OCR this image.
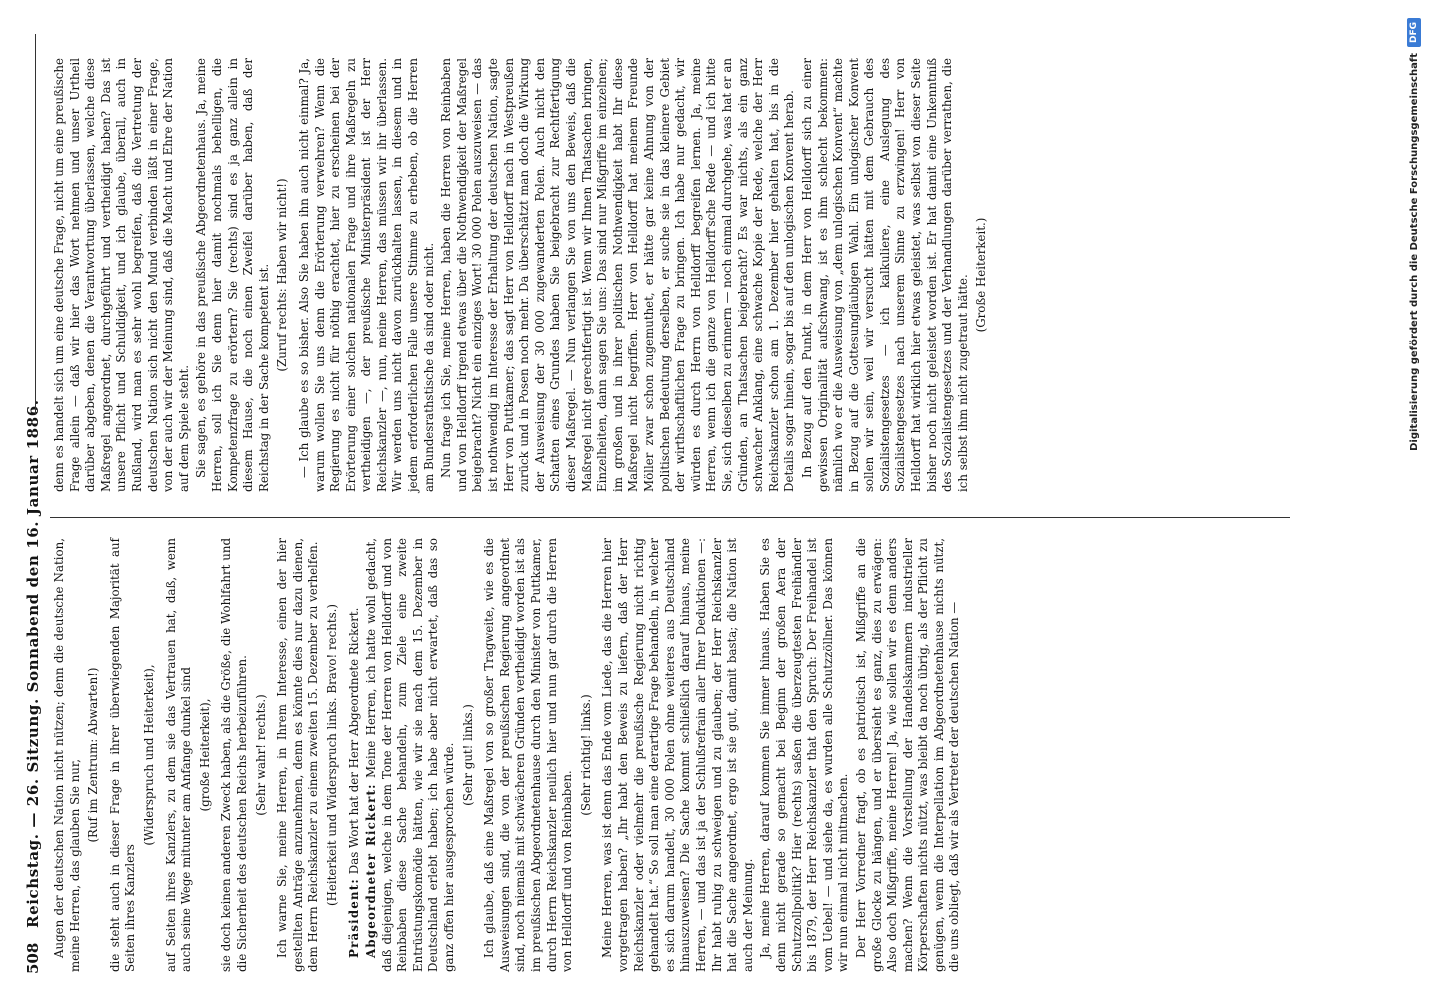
508
Reichstag. — 26. Sitzung. Sonnabend den 16. Januar 1886. Augen der deutschen Nation nicht nützen; denn die deutsche Nation, meine Herren, das glauben Sie nur,

(Ruf im Zentrum: Abwarten!) die steht auch in dieser Frage in ihrer überwiegenden Majorität auf Seiten ihres Kanzlers

(Widerspruch und Heiterkeit), auf Seiten ihres Kanzlers, zu dem sie das Vertrauen hat, daß, wenn auch seine Wege mitunter am Anfange dunkel sind (große Heiterkeit), sie doch keinen anderen Zweck haben, als die Größe, die Wohlfahrt und die Sicherheit des deutschen Reichs herbeizuführen. (Sehr wahr! rechts.) Ich warne Sie, meine Herren, in Ihrem Interesse, einen der hier gestellten Anträge anzunehmen, denn es könnte dies nur dazu dienen, dem Herrn Reichskanzler zu einem zweiten 15. Dezember zu verhelfen. (Heiterkeit und Widerspruch links. Bravo! rechts.)

Präsident: Das Wort hat der Herr Abgeordnete Rickert. Abgeordneter Rickert: Meine Herren, ich hatte wohl gedacht, daß diejenigen, welche in dem Tone der Herren von Helldorff und von Reinbaben diese Sache behandeln, zum Ziele eine zweite Entrüstungskomödie hätten, wie wir sie nach dem 15. Dezember in Deutschland erlebt haben; ich habe aber nicht erwartet, daß das so ganz offen hier ausgesprochen würde. (Sehr gut! links.) Ich glaube, daß eine Maßregel von so großer Tragweite, wie es die Ausweisungen sind, die von der preußischen Regierung angeordnet sind, noch niemals mit schwächeren Gründen vertheidigt worden ist als im preußischen Abgeordnetenhause durch den Minister von Puttkamer, durch Herrn Reichskanzler neulich hier und nun gar durch die Herren von Helldorff und von Reinbaben.

(Sehr richtig! links.) Meine Herren, was ist denn das Ende vom Liede, das die Herren hier vorgetragen haben? „Ihr habt den Beweis zu liefern, daß der Herr Reichskanzler oder vielmehr die preußische Regierung nicht richtig gehandelt hat.“ So soll man eine derartige Frage behandeln, in welcher es sich darum handelt, 30 000 Polen ohne weiteres aus Deutschland hinauszuweisen? Die Sache kommt schließlich darauf hinaus, meine Herren, — und das ist ja der Schlußrefrain aller Ihrer Deduktionen —: Ihr habt ruhig zu schweigen und zu glauben; der Herr Reichskanzler hat die Sache angeordnet, ergo ist sie gut, damit basta; die Nation ist auch der Meinung. Ja, meine Herren, darauf kommen Sie immer hinaus. Haben Sie es denn nicht gerade so gemacht bei Beginn der großen Aera der Schutzzollpolitik? Hier (rechts) saßen die überzeugtesten Freihändler bis 1879, der Herr Reichskanzler that den Spruch: Der Freihandel ist vom Uebel! — und siehe da, es wurden alle Schutzzöllner. Das können wir nun einmal nicht mitmachen. Der Herr Vorredner fragt, ob es patriotisch ist, Mißgriffe an die große Glocke zu hängen, und er übersieht es ganz, dies zu erwägen: Also doch Mißgriffe, meine Herren! Ja, wie sollen wir es denn anders machen? Wenn die Vorstellung der Handelskammern industrieller Körperschaften nichts nützt, was bleibt da noch übrig, als der Pflicht zu genügen, wenn die Interpellation im Abgeordnetenhause nichts nützt, die uns obliegt, daß wir als Vertreter der deutschen Nation —

denn es handelt sich um eine deutsche Frage, nicht um eine preußische Frage allein — daß wir hier das Wort nehmen und unser Urtheil darüber abgeben, denen die Verantwortung überlassen, welche diese Maßregel angeordnet, durchgeführt und vertheidigt haben? Das ist unsere Pflicht und Schuldigkeit, und ich glaube, überall, auch in Rußland, wird man es sehr wohl begreifen, daß die Vertretung der deutschen Nation sich nicht den Mund verbinden läßt in einer Frage, von der auch wir der Meinung sind, daß die Macht und Ehre der Nation auf dem Spiele steht. Sie sagen, es gehöre in das preußische Abgeordnetenhaus. Ja, meine Herren, soll ich Sie denn hier damit nochmals behelligen, die Kompetenzfrage zu erörtern? Sie (rechts) sind es ja ganz allein in diesem Hause, die noch einen Zweifel darüber haben, daß der Reichstag in der Sache kompetent ist. (Zuruf rechts: Haben wir nicht!) — Ich glaube es so bisher. Also Sie haben ihn auch nicht einmal? Ja, warum wollen Sie uns denn die Erörterung verwehren? Wenn die Regierung es nicht für nöthig erachtet, hier zu erscheinen bei der Erörterung einer solchen nationalen Frage und ihre Maßregeln zu vertheidigen —, der preußische Ministerpräsident ist der Herr Reichskanzler —, nun, meine Herren, das müssen wir ihr überlassen. Wir werden uns nicht davon zurückhalten lassen, in diesem und in jedem erforderlichen Falle unsere Stimme zu erheben, ob die Herren am Bundesrathstische da sind oder nicht. Nun frage ich Sie, meine Herren, haben die Herren von Reinbaben und von Helldorff irgend etwas über die Nothwendigkeit der Maßregel beigebracht? Nicht ein einziges Wort! 30 000 Polen auszuweisen — das ist nothwendig im Interesse der Erhaltung der deutschen Nation, sagte Herr von Puttkamer; das sagt Herr von Helldorff nach in Westpreußen zurück und in Posen noch mehr. Da überschätzt man doch die Wirkung der Ausweisung der 30 000 zugewanderten Polen. Auch nicht den Schatten eines Grundes haben Sie beigebracht zur Rechtfertigung dieser Maßregel. — Nun verlangen Sie von uns den Beweis, daß die Maßregel nicht gerechtfertigt ist. Wenn wir Ihnen Thatsachen bringen, Einzelheiten, dann sagen Sie uns: Das sind nur Mißgriffe im einzelnen; im großen und in ihrer politischen Nothwendigkeit habt Ihr diese Maßregel nicht begriffen. Herr von Helldorff hat meinem Freunde Möller zwar schon zugemuthet, er hätte gar keine Ahnung von der politischen Bedeutung derselben, er suche sie in das kleinere Gebiet der wirthschaftlichen Frage zu bringen. Ich habe nur gedacht, wir würden es durch Herrn von Helldorff begreifen lernen. Ja, meine Herren, wenn ich die ganze von Helldorff'sche Rede — und ich bitte Sie, sich dieselben zu erinnern — noch einmal durchgehe, was hat er an Gründen, an Thatsachen beigebracht? Es war nichts, als ein ganz schwacher Anklang, eine schwache Kopie der Rede, welche der Herr Reichskanzler schon am 1. Dezember hier gehalten hat, bis in die Details sogar hinein, sogar bis auf den unlogischen Konvent herab. In Bezug auf den Punkt, in dem Herr von Helldorff sich zu einer gewissen Originalität aufschwang, ist es ihm schlecht bekommen: nämlich wo er die Ausweisung von „dem unlogischen Konvent“ machte in Bezug auf die Gottesungläubigen Wahl. Ein unlogischer Konvent sollen wir sein, weil wir versucht hätten mit dem Gebrauch des Sozialistengesetzes — ich kalkuliere, eine Auslegung des Sozialistengesetzes nach unserem Sinne zu erzwingen! Herr von Helldorff hat wirklich hier etwas geleistet, was selbst von dieser Seite bisher noch nicht geleistet worden ist. Er hat damit eine Unkenntniß des Sozialistengesetzes und der Verhandlungen darüber verrathen, die ich selbst ihm nicht zugetraut hätte. (Große Heiterkeit.)	Digitalisierung gefördert durch die Deutsche Forschungsgemeinschaft
DFG
